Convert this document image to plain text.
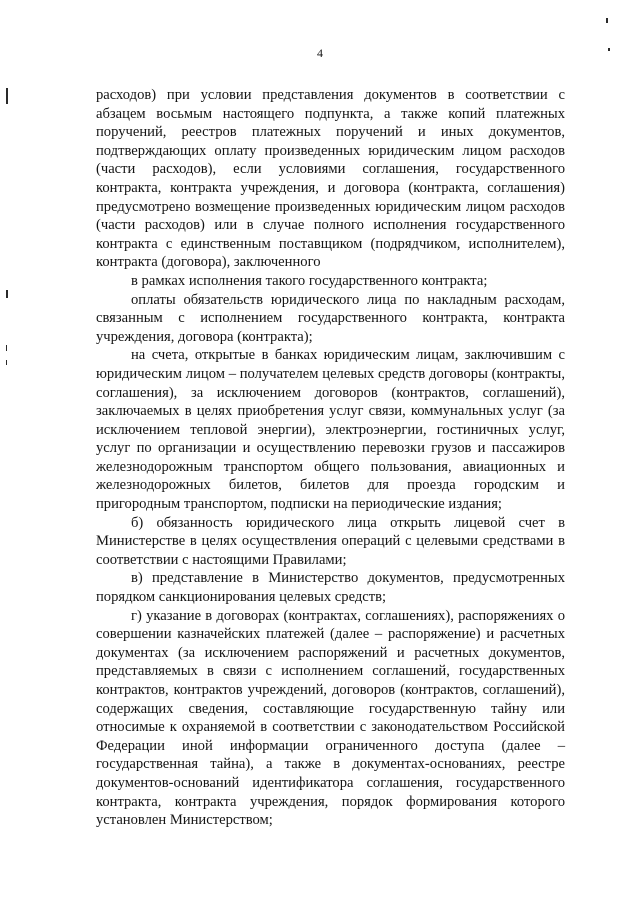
4

расходов) при условии представления документов в соответствии с абзацем восьмым настоящего подпункта, а также копий платежных поручений, реестров платежных поручений и иных документов, подтверждающих оплату произведенных юридическим лицом расходов (части расходов), если условиями соглашения, государственного контракта, контракта учреждения, и договора (контракта, соглашения) предусмотрено возмещение произведенных юридическим лицом расходов (части расходов) или в случае полного исполнения государственного контракта с единственным поставщиком (подрядчиком, исполнителем), контракта (договора), заключенного

в рамках исполнения такого государственного контракта;

оплаты обязательств юридического лица по накладным расходам, связанным с исполнением государственного контракта, контракта учреждения, договора (контракта);

на счета, открытые в банках юридическим лицам, заключившим с юридическим лицом – получателем целевых средств договоры (контракты, соглашения), за исключением договоров (контрактов, соглашений), заключаемых в целях приобретения услуг связи, коммунальных услуг (за исключением тепловой энергии), электроэнергии, гостиничных услуг, услуг по организации и осуществлению перевозки грузов и пассажиров железнодорожным транспортом общего пользования, авиационных и железнодорожных билетов, билетов для проезда городским и пригородным транспортом, подписки на периодические издания;

б) обязанность юридического лица открыть лицевой счет в Министерстве в целях осуществления операций с целевыми средствами в соответствии с настоящими Правилами;

в) представление в Министерство документов, предусмотренных порядком санкционирования целевых средств;

г) указание в договорах (контрактах, соглашениях), распоряжениях о совершении казначейских платежей (далее – распоряжение) и расчетных документах (за исключением распоряжений и расчетных документов, представляемых в связи с исполнением соглашений, государственных контрактов, контрактов учреждений, договоров (контрактов, соглашений), содержащих сведения, составляющие государственную тайну или относимые к охраняемой в соответствии с законодательством Российской Федерации иной информации ограниченного доступа (далее – государственная тайна), а также в документах-основаниях, реестре документов-оснований идентификатора соглашения, государственного контракта, контракта учреждения, порядок формирования которого установлен Министерством;
